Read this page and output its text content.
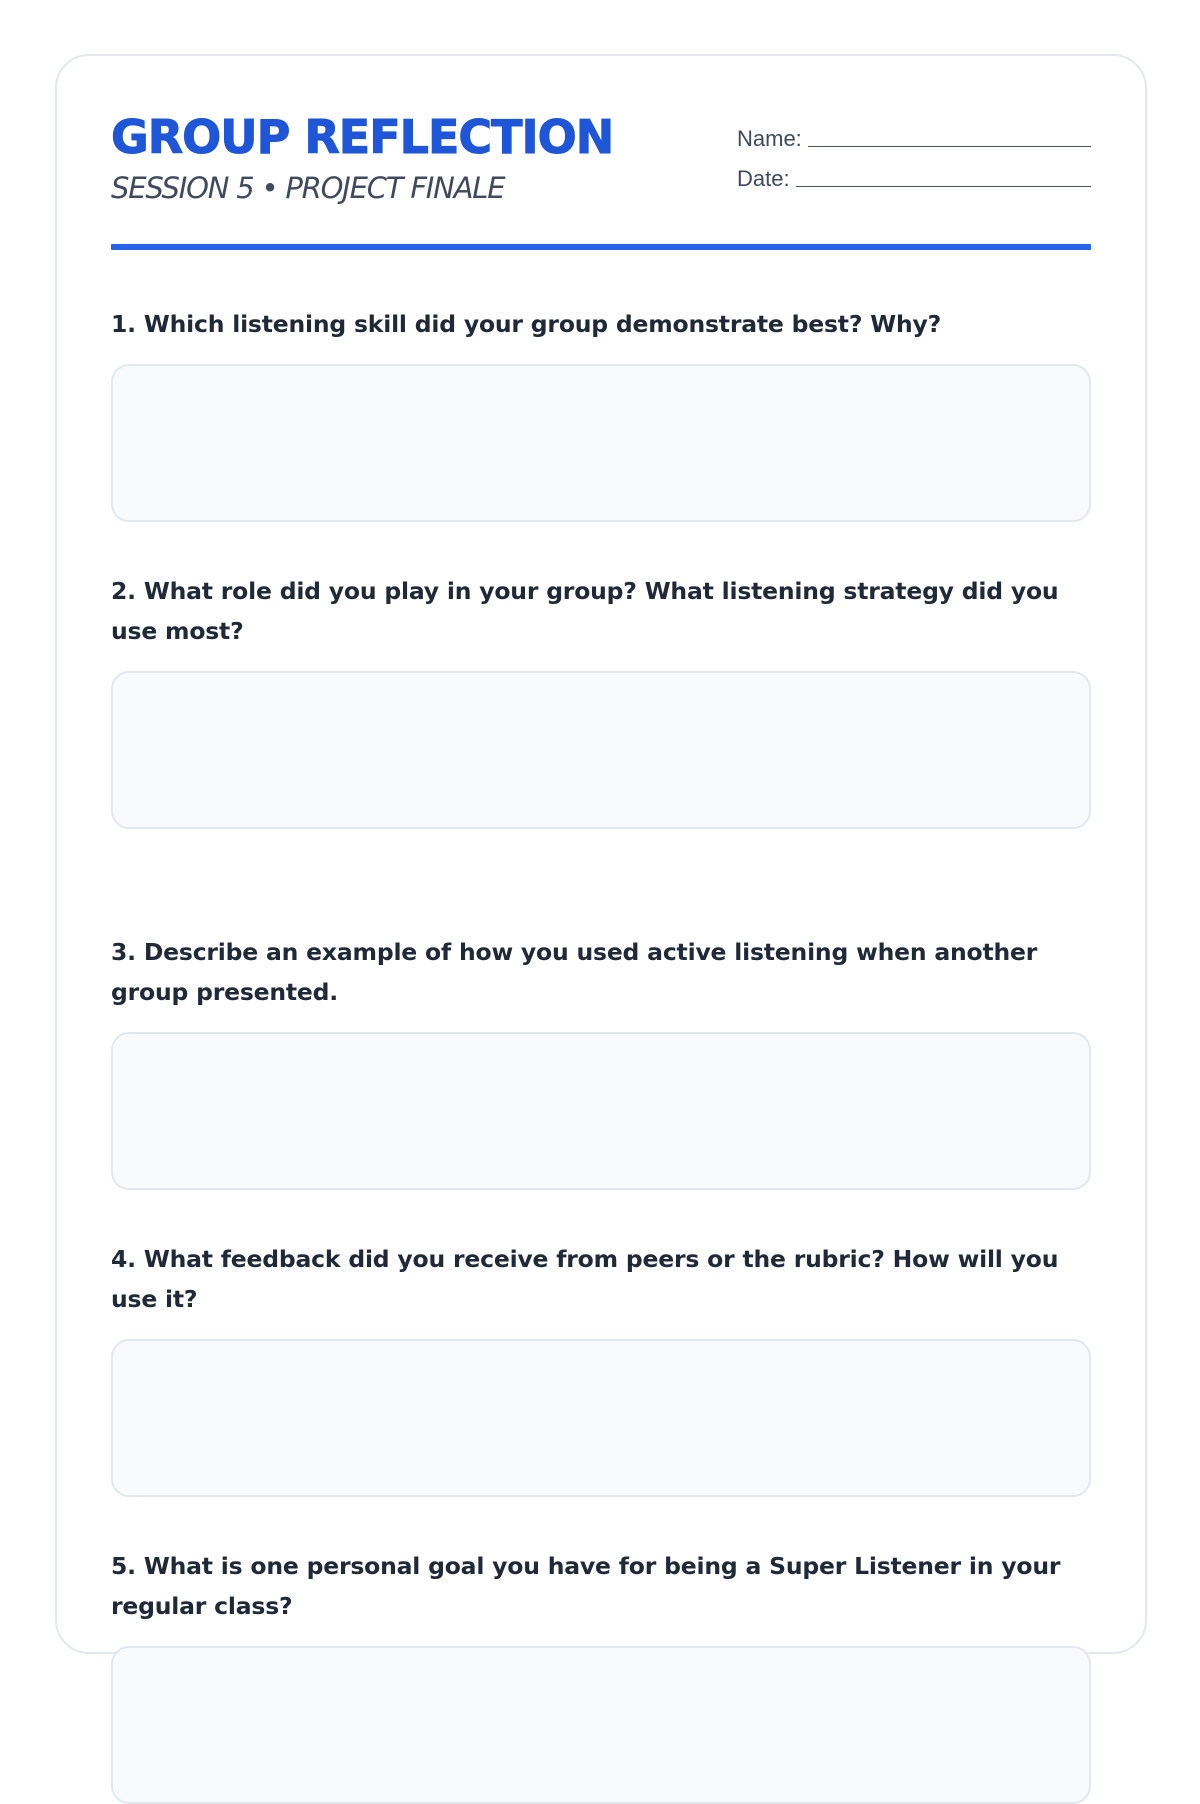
GROUP REFLECTION
SESSION 5 • PROJECT FINALE
Name:
Date:
1. Which listening skill did your group demonstrate best? Why?
2. What role did you play in your group? What listening strategy did you use most?
3. Describe an example of how you used active listening when another group presented.
4. What feedback did you receive from peers or the rubric? How will you use it?
5. What is one personal goal you have for being a Super Listener in your regular class?
